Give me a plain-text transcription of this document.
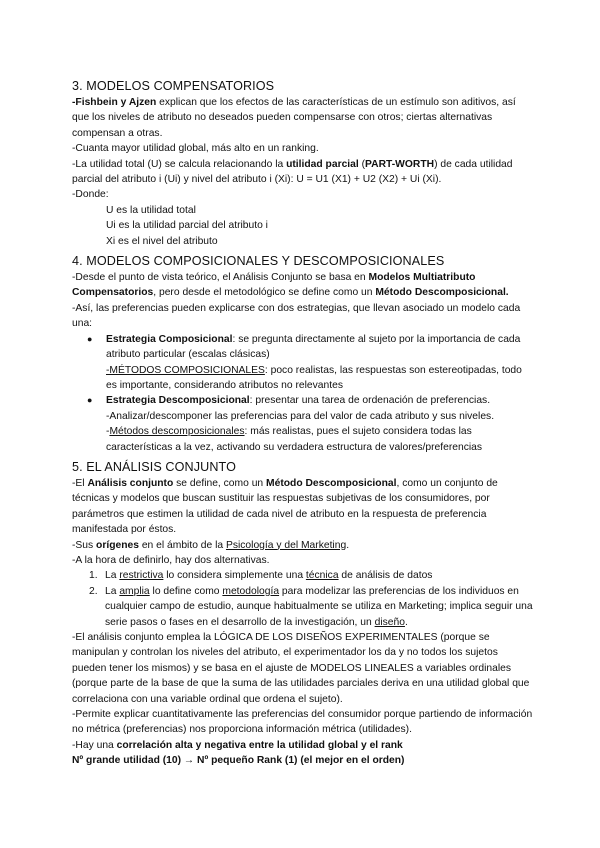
3. MODELOS COMPENSATORIOS

-Fishbein y Ajzen explican que los efectos de las características de un estímulo son aditivos, así que los niveles de atributo no deseados pueden compensarse con otros; ciertas alternativas compensan a otras.

-Cuanta mayor utilidad global, más alto en un ranking.

-La utilidad total (U) se calcula relacionando la utilidad parcial (PART-WORTH) de cada utilidad parcial del atributo i (Ui) y nivel del atributo i (Xi): U = U1 (X1) + U2 (X2) + Ui (Xi).

-Donde:

U es la utilidad total

Ui es la utilidad parcial del atributo i

Xi es el nivel del atributo

4. MODELOS COMPOSICIONALES Y DESCOMPOSICIONALES

-Desde el punto de vista teórico, el Análisis Conjunto se basa en Modelos Multiatributo Compensatorios, pero desde el metodológico se define como un Método Descomposicional.

-Así, las preferencias pueden explicarse con dos estrategias, que llevan asociado un modelo cada una:

● Estrategia Composicional: se pregunta directamente al sujeto por la importancia de cada atributo particular (escalas clásicas)
-MÉTODOS COMPOSICIONALES: poco realistas, las respuestas son estereotipadas, todo es importante, considerando atributos no relevantes
● Estrategia Descomposicional: presentar una tarea de ordenación de preferencias.
-Analizar/descomponer las preferencias para del valor de cada atributo y sus niveles.
-Métodos descomposicionales: más realistas, pues el sujeto considera todas las características a la vez, activando su verdadera estructura de valores/preferencias
5. EL ANÁLISIS CONJUNTO

-El Análisis conjunto se define, como un Método Descomposicional, como un conjunto de técnicas y modelos que buscan sustituir las respuestas subjetivas de los consumidores, por parámetros que estimen la utilidad de cada nivel de atributo en la respuesta de preferencia manifestada por éstos.

-Sus orígenes en el ámbito de la Psicología y del Marketing.

-A la hora de definirlo, hay dos alternativas.

1. La restrictiva lo considera simplemente una técnica de análisis de datos
2. La amplia lo define como metodología para modelizar las preferencias de los individuos en cualquier campo de estudio, aunque habitualmente se utiliza en Marketing; implica seguir una serie pasos o fases en el desarrollo de la investigación, un diseño.

-El análisis conjunto emplea la LÓGICA DE LOS DISEÑOS EXPERIMENTALES (porque se manipulan y controlan los niveles del atributo, el experimentador los da y no todos los sujetos pueden tener los mismos) y se basa en el ajuste de MODELOS LINEALES a variables ordinales (porque parte de la base de que la suma de las utilidades parciales deriva en una utilidad global que correlaciona con una variable ordinal que ordena el sujeto).

-Permite explicar cuantitativamente las preferencias del consumidor porque partiendo de información no métrica (preferencias) nos proporciona información métrica (utilidades).

-Hay una correlación alta y negativa entre la utilidad global y el rank

Nº grande utilidad (10) → Nº pequeño Rank (1) (el mejor en el orden)
